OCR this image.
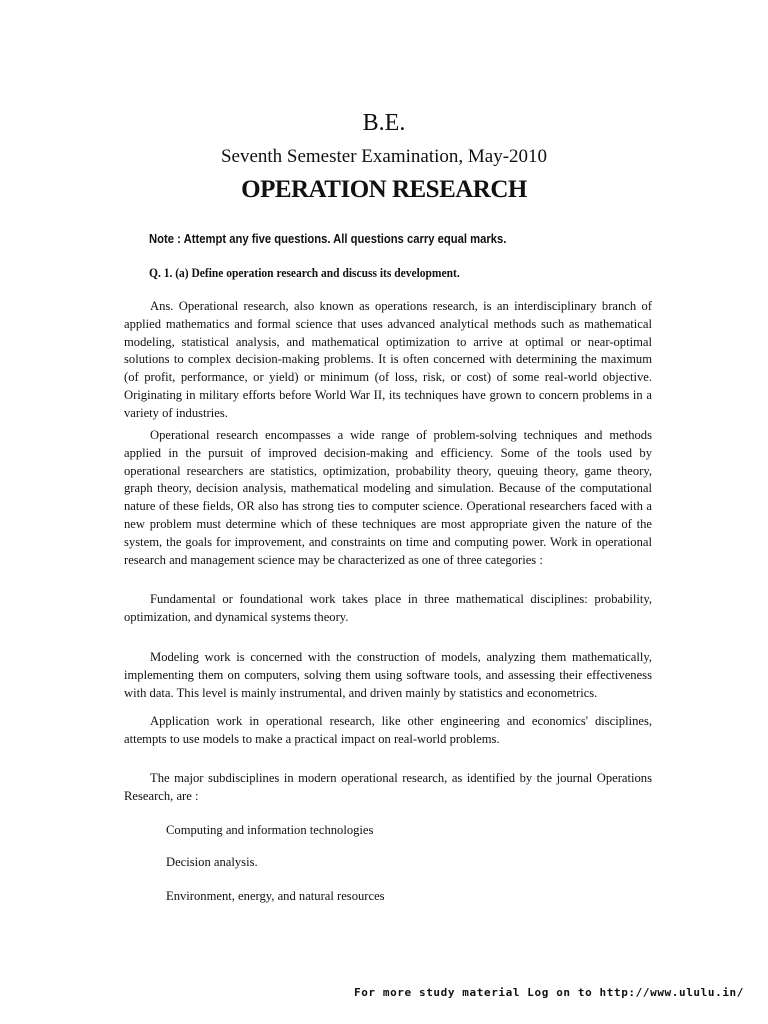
B.E.
Seventh Semester Examination, May-2010
OPERATION RESEARCH
Note : Attempt any five questions. All questions carry equal marks.
Q. 1. (a) Define operation research and discuss its development.
Ans. Operational research, also known as operations research, is an interdisciplinary branch of applied mathematics and formal science that uses advanced analytical methods such as mathematical modeling, statistical analysis, and mathematical optimization to arrive at optimal or near-optimal solutions to complex decision-making problems. It is often concerned with determining the maximum (of profit, performance, or yield) or minimum (of loss, risk, or cost) of some real-world objective. Originating in military efforts before World War II, its techniques have grown to concern problems in a variety of industries.
Operational research encompasses a wide range of problem-solving techniques and methods applied in the pursuit of improved decision-making and efficiency. Some of the tools used by operational researchers are statistics, optimization, probability theory, queuing theory, game theory, graph theory, decision analysis, mathematical modeling and simulation. Because of the computational nature of these fields, OR also has strong ties to computer science. Operational researchers faced with a new problem must determine which of these techniques are most appropriate given the nature of the system, the goals for improvement, and constraints on time and computing power. Work in operational research and management science may be characterized as one of three categories :
Fundamental or foundational work takes place in three mathematical disciplines: probability, optimization, and dynamical systems theory.
Modeling work is concerned with the construction of models, analyzing them mathematically, implementing them on computers, solving them using software tools, and assessing their effectiveness with data. This level is mainly instrumental, and driven mainly by statistics and econometrics.
Application work in operational research, like other engineering and economics' disciplines, attempts to use models to make a practical impact on real-world problems.
The major subdisciplines in modern operational research, as identified by the journal Operations Research, are :
Computing and information technologies
Decision analysis.
Environment, energy, and natural resources
For more study material Log on to http://www.ululu.in/
